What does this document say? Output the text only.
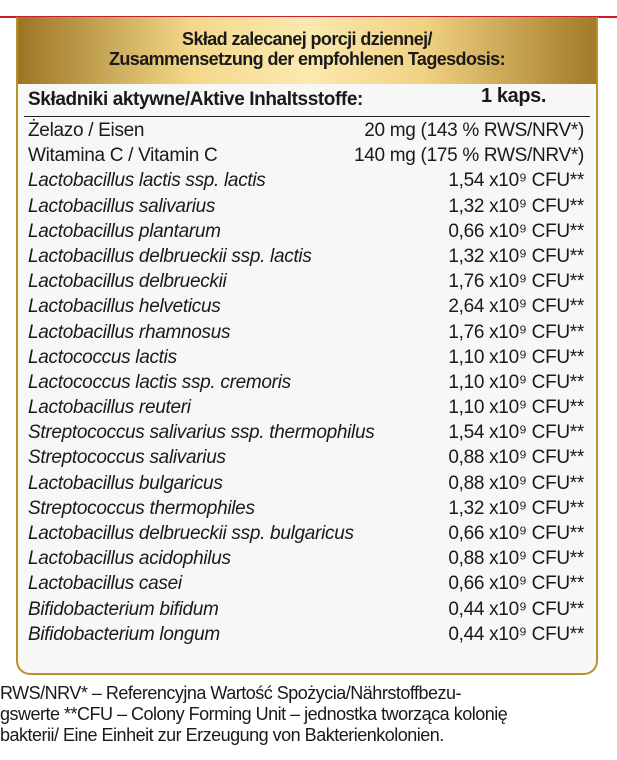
Skład zalecanej porcji dziennej/
Zusammensetzung der empfohlenen Tagesdosis:
Składniki aktywne/Aktive Inhaltsstoffe:	1 kaps.
Żelazo / Eisen	20 mg (143 % RWS/NRV*)
Witamina C / Vitamin C	140 mg (175 % RWS/NRV*)
Lactobacillus lactis ssp. lactis	1,54 x10⁹ CFU**
Lactobacillus salivarius	1,32 x10⁹ CFU**
Lactobacillus plantarum	0,66 x10⁹ CFU**
Lactobacillus delbrueckii ssp. lactis	1,32 x10⁹ CFU**
Lactobacillus delbrueckii	1,76 x10⁹ CFU**
Lactobacillus helveticus	2,64 x10⁹ CFU**
Lactobacillus rhamnosus	1,76 x10⁹ CFU**
Lactococcus lactis	1,10 x10⁹ CFU**
Lactococcus lactis ssp. cremoris	1,10 x10⁹ CFU**
Lactobacillus reuteri	1,10 x10⁹ CFU**
Streptococcus salivarius ssp. thermophilus	1,54 x10⁹ CFU**
Streptococcus salivarius	0,88 x10⁹ CFU**
Lactobacillus bulgaricus	0,88 x10⁹ CFU**
Streptococcus thermophiles	1,32 x10⁹ CFU**
Lactobacillus delbrueckii ssp. bulgaricus	0,66 x10⁹ CFU**
Lactobacillus acidophilus	0,88 x10⁹ CFU**
Lactobacillus casei	0,66 x10⁹ CFU**
Bifidobacterium bifidum	0,44 x10⁹ CFU**
Bifidobacterium longum	0,44 x10⁹ CFU**
RWS/NRV* – Referencyjna Wartość Spożycia/Nährstoffbezu-
gswerte **CFU – Colony Forming Unit – jednostka tworząca kolonię
bakterii/ Eine Einheit zur Erzeugung von Bakterienkolonien.
